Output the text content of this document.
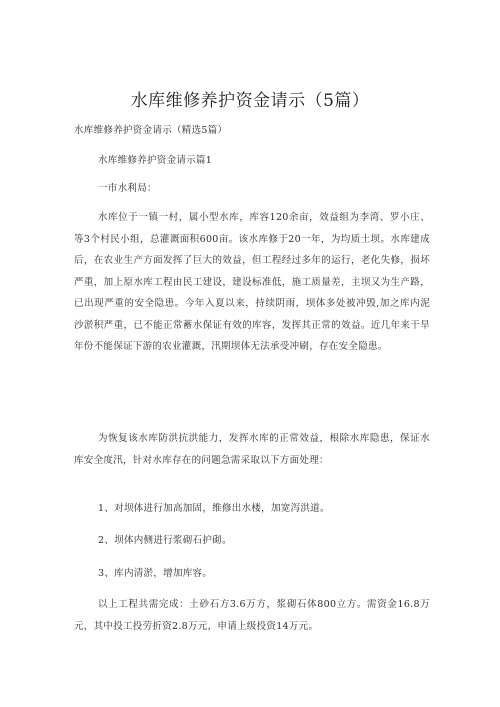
水库维修养护资金请示（5篇）
水库维修养护资金请示（精选5篇）
水库维修养护资金请示篇1
一市水利局：

水库位于一镇一村，属小型水库，库容120余亩，效益组为李湾、罗小庄、等3个村民小组，总灌溉面积600亩。该水库修于20一年，为均质土坝。水库建成后，在农业生产方面发挥了巨大的效益，但工程经过多年的运行，老化失修，损坏严重，加上原水库工程由民工建设，建设标准低，施工质量差，主坝又为生产路，已出现严重的安全隐患。今年入夏以来，持续阴雨，坝体多处被冲毁,加之库内泥沙淤积严重，已不能正常蓄水保证有效的库容，发挥其正常的效益。近几年来干旱年份不能保证下游的农业灌溉，汛期坝体无法承受冲刷，存在安全隐患。

为恢复该水库防洪抗洪能力，发挥水库的正常效益，根除水库隐患，保证水库安全度汛，针对水库存在的问题急需采取以下方面处理：

1、对坝体进行加高加固，维修出水楼，加宽泻洪道。
2、坝体内侧进行浆砌石护砌。
3、库内清淤，增加库容。

以上工程共需完成：土砂石方3.6万方，浆砌石体800立方。需资金16.8万元，其中投工投劳折资2.8万元，申请上级投资14万元。
